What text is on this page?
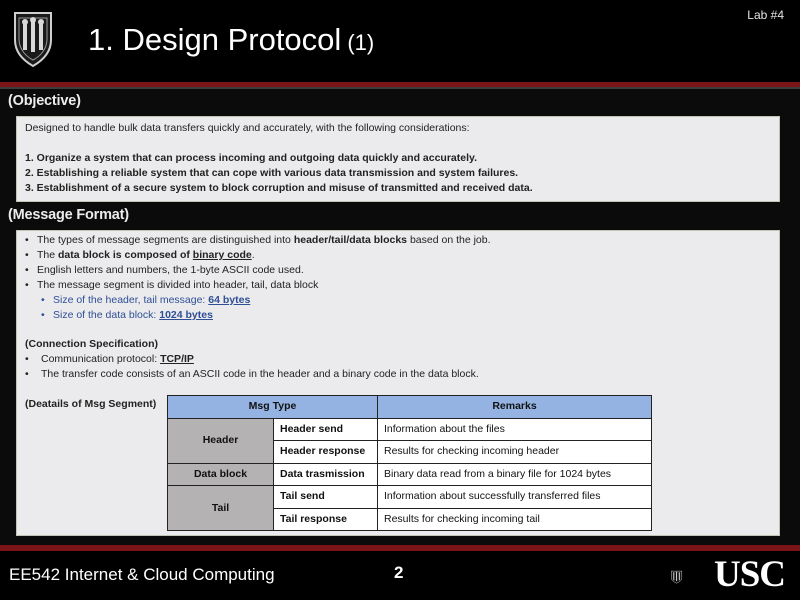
1. Design Protocol (1)
Lab #4
(Objective)
Designed to handle bulk data transfers quickly and accurately, with the following considerations:
1. Organize a system that can process incoming and outgoing data quickly and accurately.
2. Establishing a reliable system that can cope with various data transmission and system failures.
3. Establishment of a secure system to block corruption and misuse of transmitted and received data.
(Message Format)
• The types of message segments are distinguished into header/tail/data blocks based on the job.
• The data block is composed of binary code.
• English letters and numbers, the 1-byte ASCII code used.
• The message segment is divided into header, tail, data block
• Size of the header, tail message: 64 bytes
• Size of the data block: 1024 bytes
(Connection Specification)
•	Communication protocol: TCP/IP
•	The transfer code consists of an ASCII code in the header and a binary code in the data block.
(Deatails of Msg Segment)	Msg Type		Remarks
Header	Header send	Information about the files
	Header response	Results for checking incoming header
Data block	Data trasmission	Binary data read from a binary file for 1024 bytes
Tail	Tail send	Information about successfully transferred files
	Tail response	Results for checking incoming tail
EE542 Internet & Cloud Computing	2	USC
